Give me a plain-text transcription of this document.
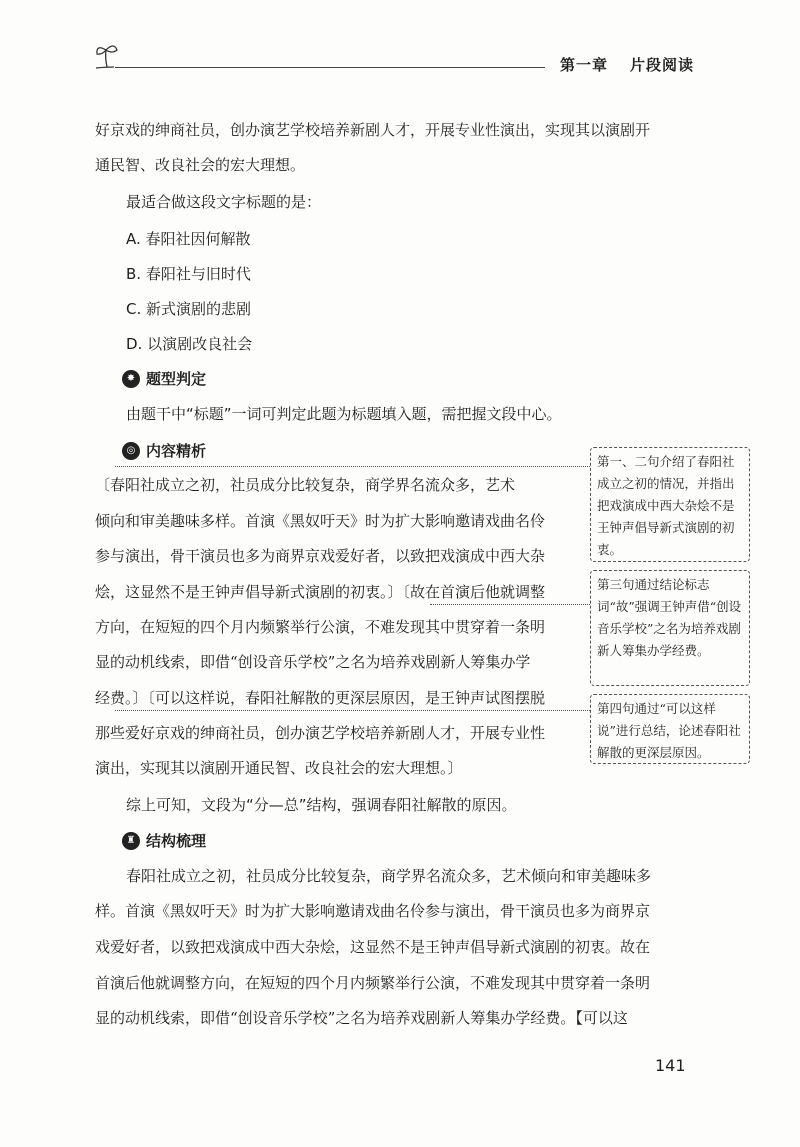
第一章 片段阅读

好京戏的绅商社员，创办演艺学校培养新剧人才，开展专业性演出，实现其以演剧开

通民智、改良社会的宏大理想。

最适合做这段文字标题的是：

A. 春阳社因何解散

B. 春阳社与旧时代

C. 新式演剧的悲剧

D. 以演剧改良社会

✸ 题型判定

由题干中“标题”一词可判定此题为标题填入题，需把握文段中心。

◎ 内容精析

〔春阳社成立之初，社员成分比较复杂，商学界名流众多，艺术

倾向和审美趣味多样。首演《黑奴吁天》时为扩大影响邀请戏曲名伶

参与演出，骨干演员也多为商界京戏爱好者，以致把戏演成中西大杂

烩，这显然不是王钟声倡导新式演剧的初衷。〕〔故在首演后他就调整

方向，在短短的四个月内频繁举行公演，不难发现其中贯穿着一条明

显的动机线索，即借“创设音乐学校”之名为培养戏剧新人筹集办学

经费。〕〔可以这样说，春阳社解散的更深层原因，是王钟声试图摆脱

那些爱好京戏的绅商社员，创办演艺学校培养新剧人才，开展专业性

演出，实现其以演剧开通民智、改良社会的宏大理想。〕

第一、二句介绍了春阳社成立之初的情况，并指出把戏演成中西大杂烩不是王钟声倡导新式演剧的初衷。
第三句通过结论标志词“故”强调王钟声借“创设音乐学校”之名为培养戏剧新人筹集办学经费。
第四句通过“可以这样说”进行总结，论述春阳社解散的更深层原因。

综上可知，文段为“分—总”结构，强调春阳社解散的原因。

♜ 结构梳理

春阳社成立之初，社员成分比较复杂，商学界名流众多，艺术倾向和审美趣味多

样。首演《黑奴吁天》时为扩大影响邀请戏曲名伶参与演出，骨干演员也多为商界京

戏爱好者，以致把戏演成中西大杂烩，这显然不是王钟声倡导新式演剧的初衷。故在

首演后他就调整方向，在短短的四个月内频繁举行公演，不难发现其中贯穿着一条明

显的动机线索，即借“创设音乐学校”之名为培养戏剧新人筹集办学经费。【可以这

141
